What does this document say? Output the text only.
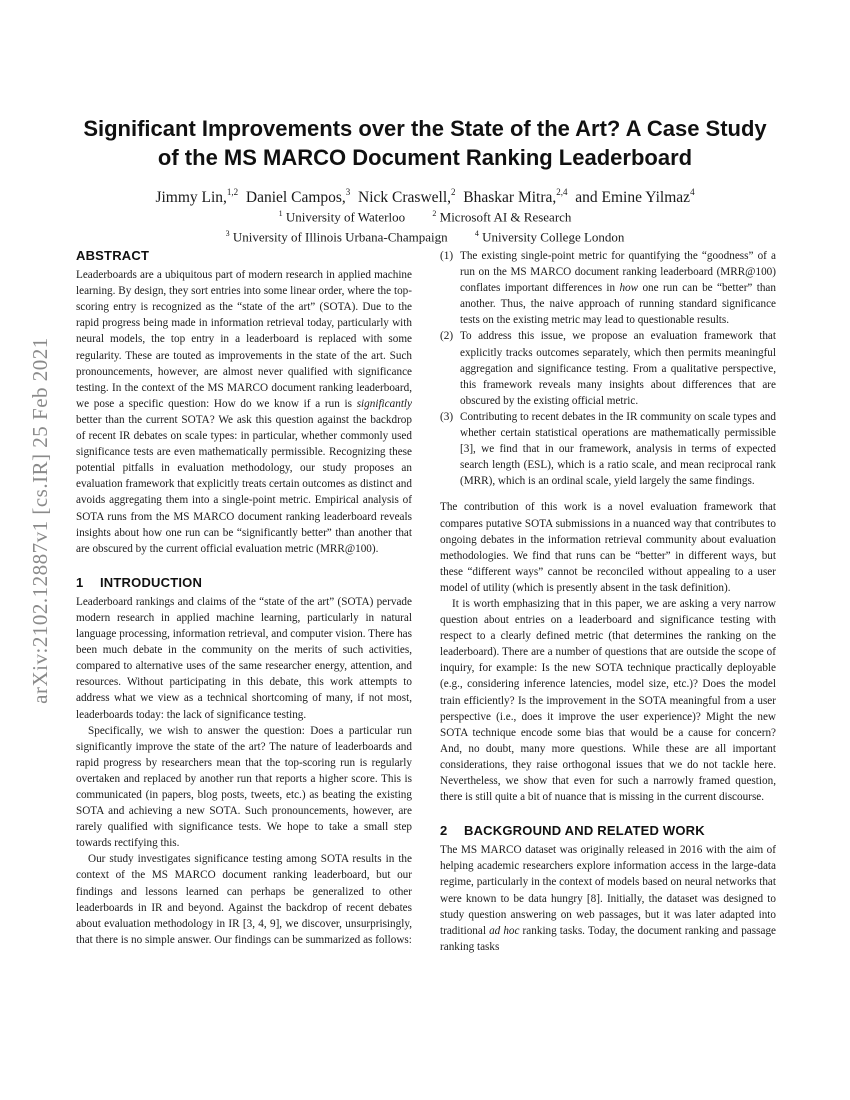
arXiv:2102.12887v1 [cs.IR] 25 Feb 2021
Significant Improvements over the State of the Art? A Case Study of the MS MARCO Document Ranking Leaderboard
Jimmy Lin,$^{1,2}$ Daniel Campos,$^3$ Nick Craswell,$^2$ Bhaskar Mitra,$^{2,4}$ and Emine Yilmaz$^4$
$^1$ University of Waterloo	$^2$ Microsoft AI & Research
$^3$ University of Illinois Urbana-Champaign	$^4$ University College London
ABSTRACT

Leaderboards are a ubiquitous part of modern research in applied machine learning. By design, they sort entries into some linear order, where the top-scoring entry is recognized as the “state of the art” (SOTA). Due to the rapid progress being made in information retrieval today, particularly with neural models, the top entry in a leaderboard is replaced with some regularity. These are touted as improvements in the state of the art. Such pronouncements, however, are almost never qualified with significance testing. In the context of the MS MARCO document ranking leaderboard, we pose a specific question: How do we know if a run is significantly better than the current SOTA? We ask this question against the backdrop of recent IR debates on scale types: in particular, whether commonly used significance tests are even mathematically permissible. Recognizing these potential pitfalls in evaluation methodology, our study proposes an evaluation framework that explicitly treats certain outcomes as distinct and avoids aggregating them into a single-point metric. Empirical analysis of SOTA runs from the MS MARCO document ranking leaderboard reveals insights about how one run can be “significantly better” than another that are obscured by the current official evaluation metric (MRR@100).

1 INTRODUCTION

Leaderboard rankings and claims of the “state of the art” (SOTA) pervade modern research in applied machine learning, particularly in natural language processing, information retrieval, and computer vision. There has been much debate in the community on the merits of such activities, compared to alternative uses of the same researcher energy, attention, and resources. Without participating in this debate, this work attempts to address what we view as a technical shortcoming of many, if not most, leaderboards today: the lack of significance testing.

Specifically, we wish to answer the question: Does a particular run significantly improve the state of the art? The nature of leaderboards and rapid progress by researchers mean that the top-scoring run is regularly overtaken and replaced by another run that reports a higher score. This is communicated (in papers, blog posts, tweets, etc.) as beating the existing SOTA and achieving a new SOTA. Such pronouncements, however, are rarely qualified with significance tests. We hope to take a small step towards rectifying this.

Our study investigates significance testing among SOTA results in the context of the MS MARCO document ranking leaderboard, but our findings and lessons learned can perhaps be generalized to other leaderboards in IR and beyond. Against the backdrop of recent debates about evaluation methodology in IR [3, 4, 9], we discover, unsurprisingly, that there is no simple answer. Our findings can be summarized as follows:

(1) The existing single-point metric for quantifying the “goodness” of a run on the MS MARCO document ranking leaderboard (MRR@100) conflates important differences in how one run can be “better” than another. Thus, the naive approach of running standard significance tests on the existing metric may lead to questionable results.
(2) To address this issue, we propose an evaluation framework that explicitly tracks outcomes separately, which then permits meaningful aggregation and significance testing. From a qualitative perspective, this framework reveals many insights about differences that are obscured by the existing official metric.
(3) Contributing to recent debates in the IR community on scale types and whether certain statistical operations are mathematically permissible [3], we find that in our framework, analysis in terms of expected search length (ESL), which is a ratio scale, and mean reciprocal rank (MRR), which is an ordinal scale, yield largely the same findings.

The contribution of this work is a novel evaluation framework that compares putative SOTA submissions in a nuanced way that contributes to ongoing debates in the information retrieval community about evaluation methodologies. We find that runs can be “better” in different ways, but these “different ways” cannot be reconciled without appealing to a user model of utility (which is presently absent in the task definition).

It is worth emphasizing that in this paper, we are asking a very narrow question about entries on a leaderboard and significance testing with respect to a clearly defined metric (that determines the ranking on the leaderboard). There are a number of questions that are outside the scope of inquiry, for example: Is the new SOTA technique practically deployable (e.g., considering inference latencies, model size, etc.)? Does the model train efficiently? Is the improvement in the SOTA meaningful from a user perspective (i.e., does it improve the user experience)? Might the new SOTA technique encode some bias that would be a cause for concern? And, no doubt, many more questions. While these are all important considerations, they raise orthogonal issues that we do not tackle here. Nevertheless, we show that even for such a narrowly framed question, there is still quite a bit of nuance that is missing in the current discourse.

2 BACKGROUND AND RELATED WORK

The MS MARCO dataset was originally released in 2016 with the aim of helping academic researchers explore information access in the large-data regime, particularly in the context of models based on neural networks that were known to be data hungry [8]. Initially, the dataset was designed to study question answering on web passages, but it was later adapted into traditional ad hoc ranking tasks. Today, the document ranking and passage ranking tasks
